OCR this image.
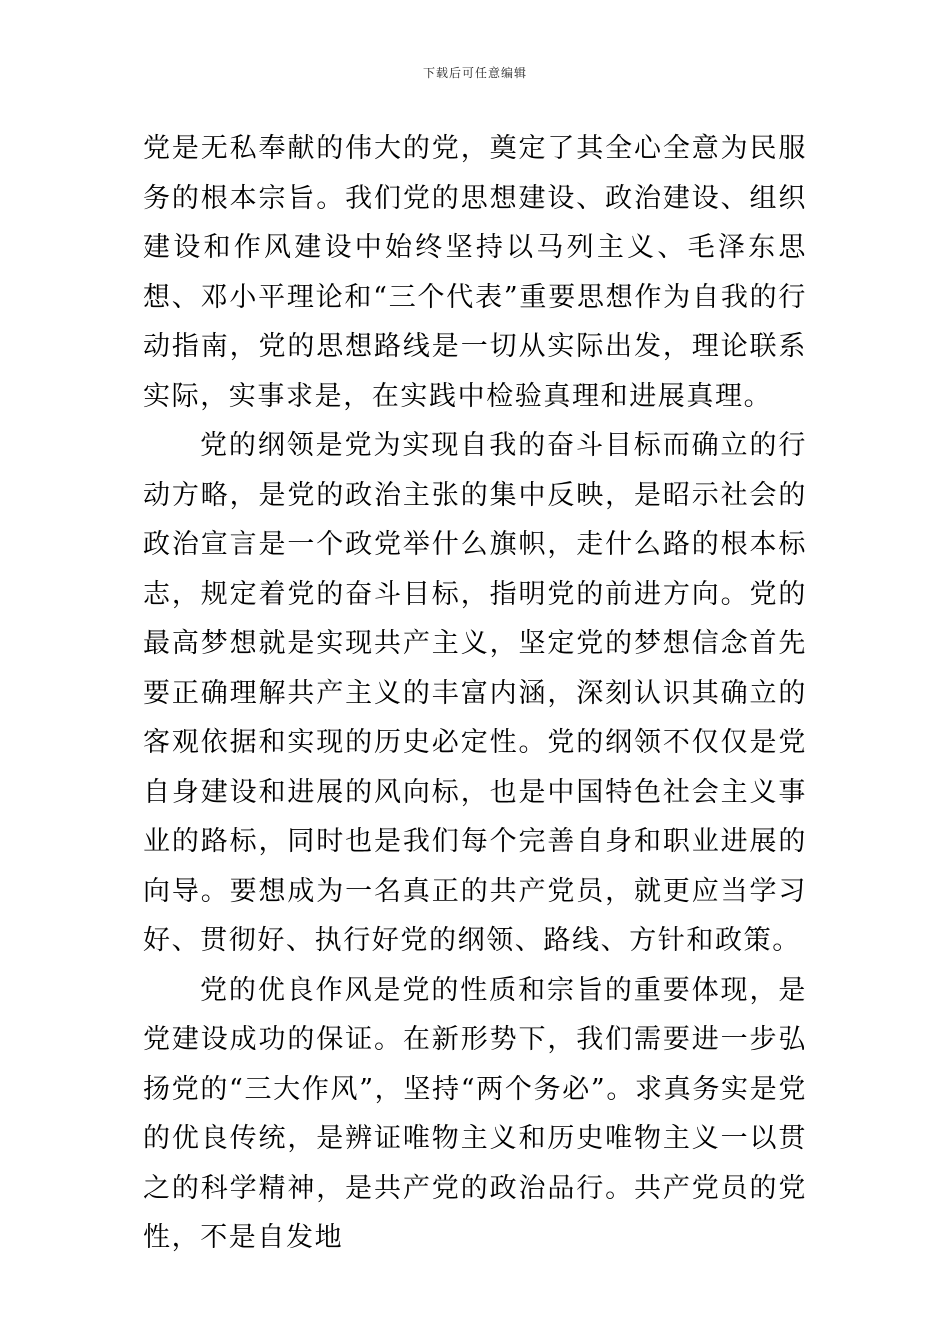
下载后可任意编辑

党是无私奉献的伟大的党，奠定了其全心全意为民服务的根本宗旨。我们党的思想建设、政治建设、组织建设和作风建设中始终坚持以马列主义、毛泽东思想、邓小平理论和“三个代表”重要思想作为自我的行动指南，党的思想路线是一切从实际出发，理论联系实际，实事求是，在实践中检验真理和进展真理。

党的纲领是党为实现自我的奋斗目标而确立的行动方略，是党的政治主张的集中反映，是昭示社会的政治宣言是一个政党举什么旗帜，走什么路的根本标志，规定着党的奋斗目标，指明党的前进方向。党的最高梦想就是实现共产主义，坚定党的梦想信念首先要正确理解共产主义的丰富内涵，深刻认识其确立的客观依据和实现的历史必定性。党的纲领不仅仅是党自身建设和进展的风向标，也是中国特色社会主义事业的路标，同时也是我们每个完善自身和职业进展的向导。要想成为一名真正的共产党员，就更应当学习好、贯彻好、执行好党的纲领、路线、方针和政策。

党的优良作风是党的性质和宗旨的重要体现，是党建设成功的保证。在新形势下，我们需要进一步弘扬党的“三大作风”，坚持“两个务必”。求真务实是党的优良传统，是辨证唯物主义和历史唯物主义一以贯之的科学精神，是共产党的政治品行。共产党员的党性，不是自发地
